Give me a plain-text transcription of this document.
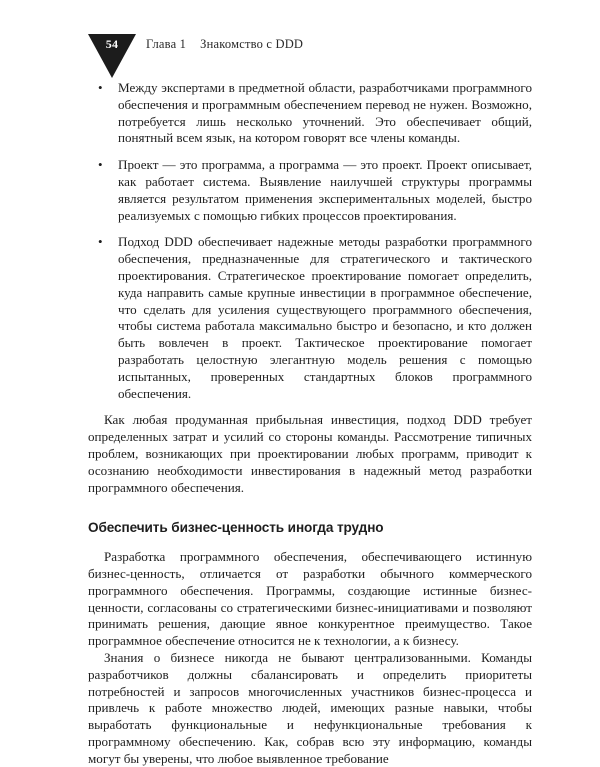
54	Глава 1 Знакомство с DDD
• Между экспертами в предметной области, разработчиками программного обеспечения и программным обеспечением перевод не нужен. Возможно, потребуется лишь несколько уточнений. Это обеспечивает общий, понятный всем язык, на котором говорят все члены команды.
• Проект — это программа, а программа — это проект. Проект описывает, как работает система. Выявление наилучшей структуры программы является результатом применения экспериментальных моделей, быстро реализуемых с помощью гибких процессов проектирования.
• Подход DDD обеспечивает надежные методы разработки программного обеспечения, предназначенные для стратегического и тактического проектирования. Стратегическое проектирование помогает определить, куда направить самые крупные инвестиции в программное обеспечение, что сделать для усиления существующего программного обеспечения, чтобы система работала максимально быстро и безопасно, и кто должен быть вовлечен в проект. Тактическое проектирование помогает разработать целостную элегантную модель решения с помощью испытанных, проверенных стандартных блоков программного обеспечения.

Как любая продуманная прибыльная инвестиция, подход DDD требует определенных затрат и усилий со стороны команды. Рассмотрение типичных проблем, возникающих при проектировании любых программ, приводит к осознанию необходимости инвестирования в надежный метод разработки программного обеспечения.

Обеспечить бизнес-ценность иногда трудно

Разработка программного обеспечения, обеспечивающего истинную бизнес-ценность, отличается от разработки обычного коммерческого программного обеспечения. Программы, создающие истинные бизнес-ценности, согласованы со стратегическими бизнес-инициативами и позволяют принимать решения, дающие явное конкурентное преимущество. Такое программное обеспечение относится не к технологии, а к бизнесу.

Знания о бизнесе никогда не бывают централизованными. Команды разработчиков должны сбалансировать и определить приоритеты потребностей и запросов многочисленных участников бизнес-процесса и привлечь к работе множество людей, имеющих разные навыки, чтобы выработать функциональные и нефункциональные требования к программному обеспечению. Как, собрав всю эту информацию, команды могут бы уверены, что любое выявленное требование
